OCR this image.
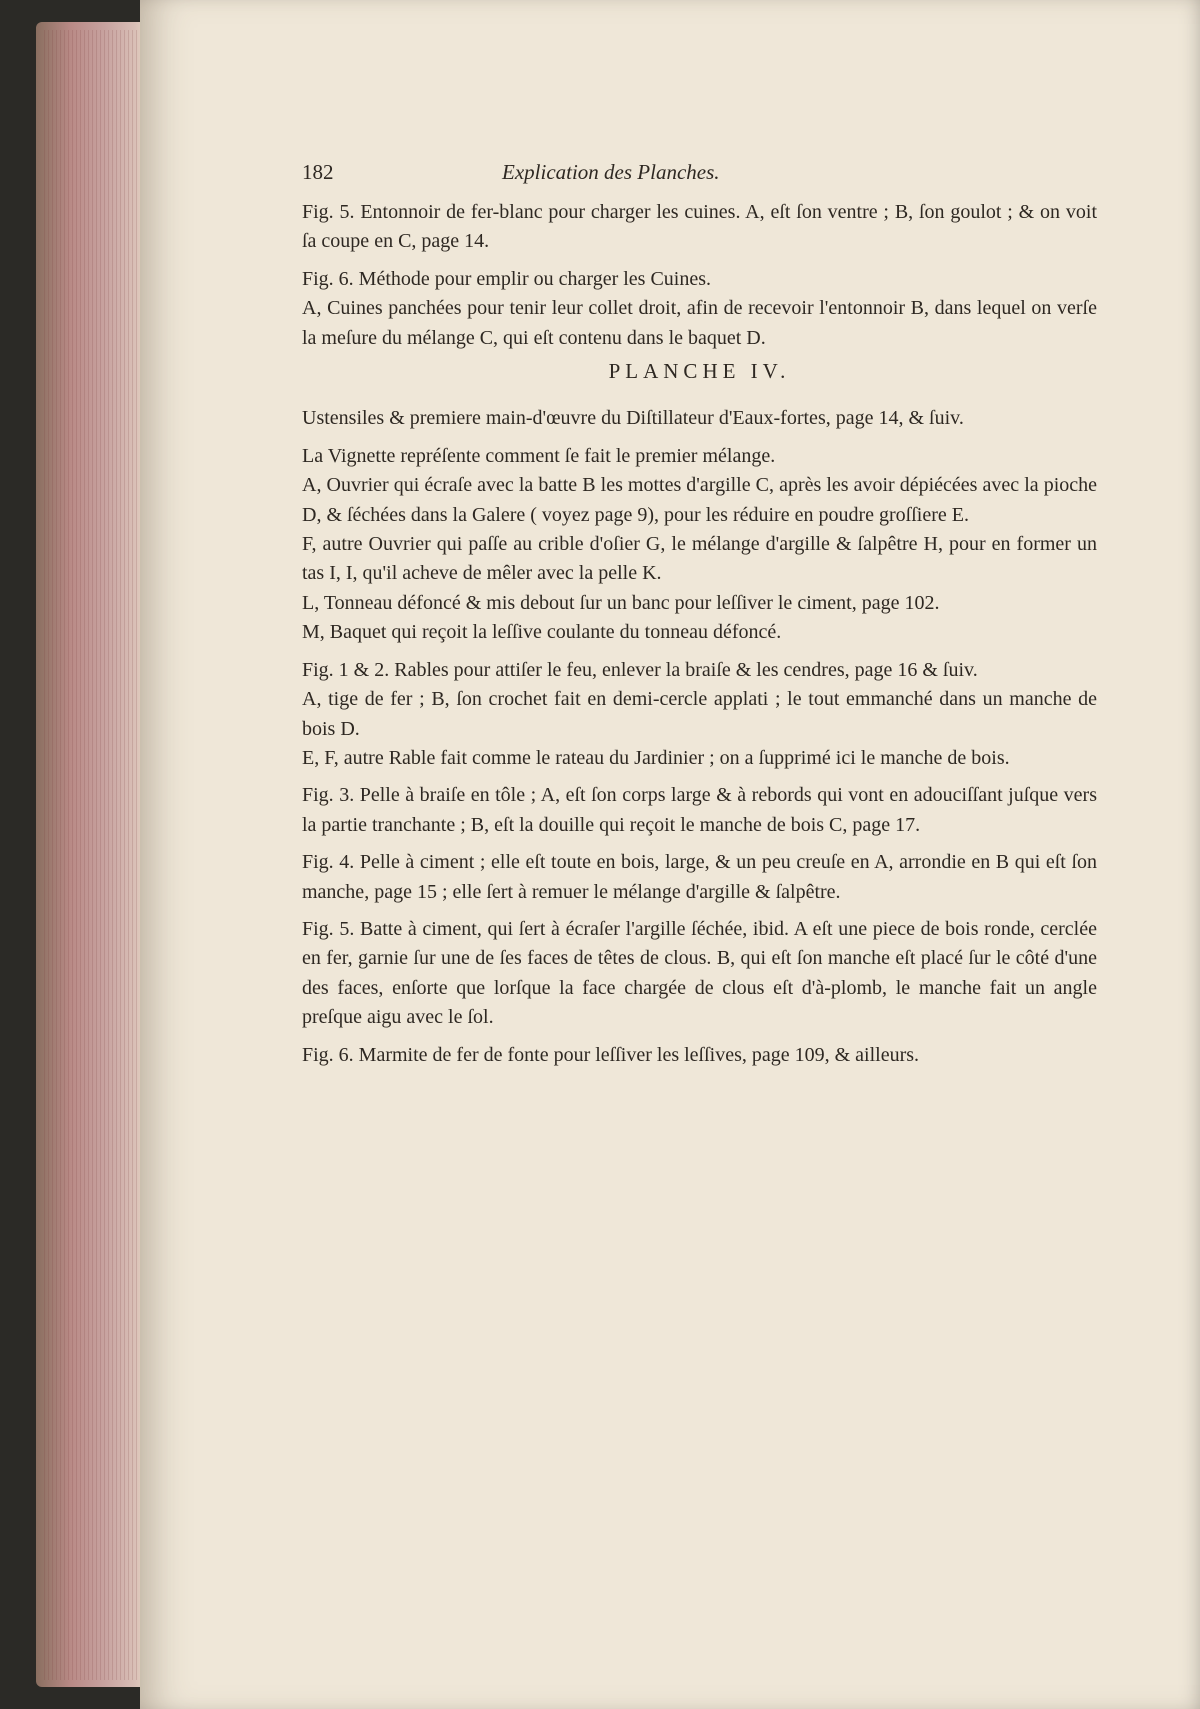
182	Explication des Planches.

Fig. 5. Entonnoir de fer-blanc pour charger les cuines. A, eſt ſon ventre ; B, ſon goulot ; & on voit ſa coupe en C, page 14.

Fig. 6. Méthode pour emplir ou charger les Cuines.

A, Cuines panchées pour tenir leur collet droit, afin de recevoir l'entonnoir B, dans lequel on verſe la meſure du mélange C, qui eſt contenu dans le baquet D.

PLANCHE IV.

Ustensiles & premiere main-d'œuvre du Diſtillateur d'Eaux-fortes, page 14, & ſuiv.

La Vignette repréſente comment ſe fait le premier mélange.

A, Ouvrier qui écraſe avec la batte B les mottes d'argille C, après les avoir dépiécées avec la pioche D, & ſéchées dans la Galere ( voyez page 9), pour les réduire en poudre groſſiere E.

F, autre Ouvrier qui paſſe au crible d'oſier G, le mélange d'argille & ſalpêtre H, pour en former un tas I, I, qu'il acheve de mêler avec la pelle K.

L, Tonneau défoncé & mis debout ſur un banc pour leſſiver le ciment, page 102.

M, Baquet qui reçoit la leſſive coulante du tonneau défoncé.

Fig. 1 & 2. Rables pour attiſer le feu, enlever la braiſe & les cendres, page 16 & ſuiv.

A, tige de fer ; B, ſon crochet fait en demi-cercle applati ; le tout emmanché dans un manche de bois D.

E, F, autre Rable fait comme le rateau du Jardinier ; on a ſupprimé ici le manche de bois.

Fig. 3. Pelle à braiſe en tôle ; A, eſt ſon corps large & à rebords qui vont en adouciſſant juſque vers la partie tranchante ; B, eſt la douille qui reçoit le manche de bois C, page 17.

Fig. 4. Pelle à ciment ; elle eſt toute en bois, large, & un peu creuſe en A, arrondie en B qui eſt ſon manche, page 15 ; elle ſert à remuer le mélange d'argille & ſalpêtre.

Fig. 5. Batte à ciment, qui ſert à écraſer l'argille ſéchée, ibid. A eſt une piece de bois ronde, cerclée en fer, garnie ſur une de ſes faces de têtes de clous. B, qui eſt ſon manche eſt placé ſur le côté d'une des faces, enſorte que lorſque la face chargée de clous eſt d'à-plomb, le manche fait un angle preſque aigu avec le ſol.

Fig. 6. Marmite de fer de fonte pour leſſiver les leſſives, page 109, & ailleurs.
